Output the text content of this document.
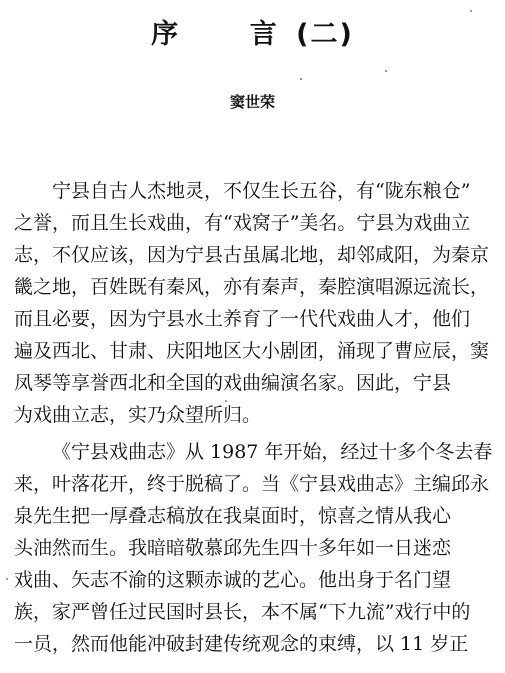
序    言 (二)
窦世荣
宁县自古人杰地灵，不仅生长五谷，有“陇东粮仓”
之誉，而且生长戏曲，有“戏窝子”美名。宁县为戏曲立
志，不仅应该，因为宁县古虽属北地，却邻咸阳，为秦京
畿之地，百姓既有秦风，亦有秦声，秦腔演唱源远流长，
而且必要，因为宁县水土养育了一代代戏曲人才，他们
遍及西北、甘肃、庆阳地区大小剧团，涌现了曹应辰，窦
凤琴等享誉西北和全国的戏曲编演名家。因此，宁县
为戏曲立志，实乃众望所归。
《宁县戏曲志》从 1987 年开始，经过十多个冬去春
来，叶落花开，终于脱稿了。当《宁县戏曲志》主编邱永
泉先生把一厚叠志稿放在我桌面时，惊喜之情从我心
头油然而生。我暗暗敬慕邱先生四十多年如一日迷恋
戏曲、矢志不渝的这颗赤诚的艺心。他出身于名门望
族，家严曾任过民国时县长，本不属“下九流”戏行中的
一员，然而他能冲破封建传统观念的束缚，以 11 岁正
